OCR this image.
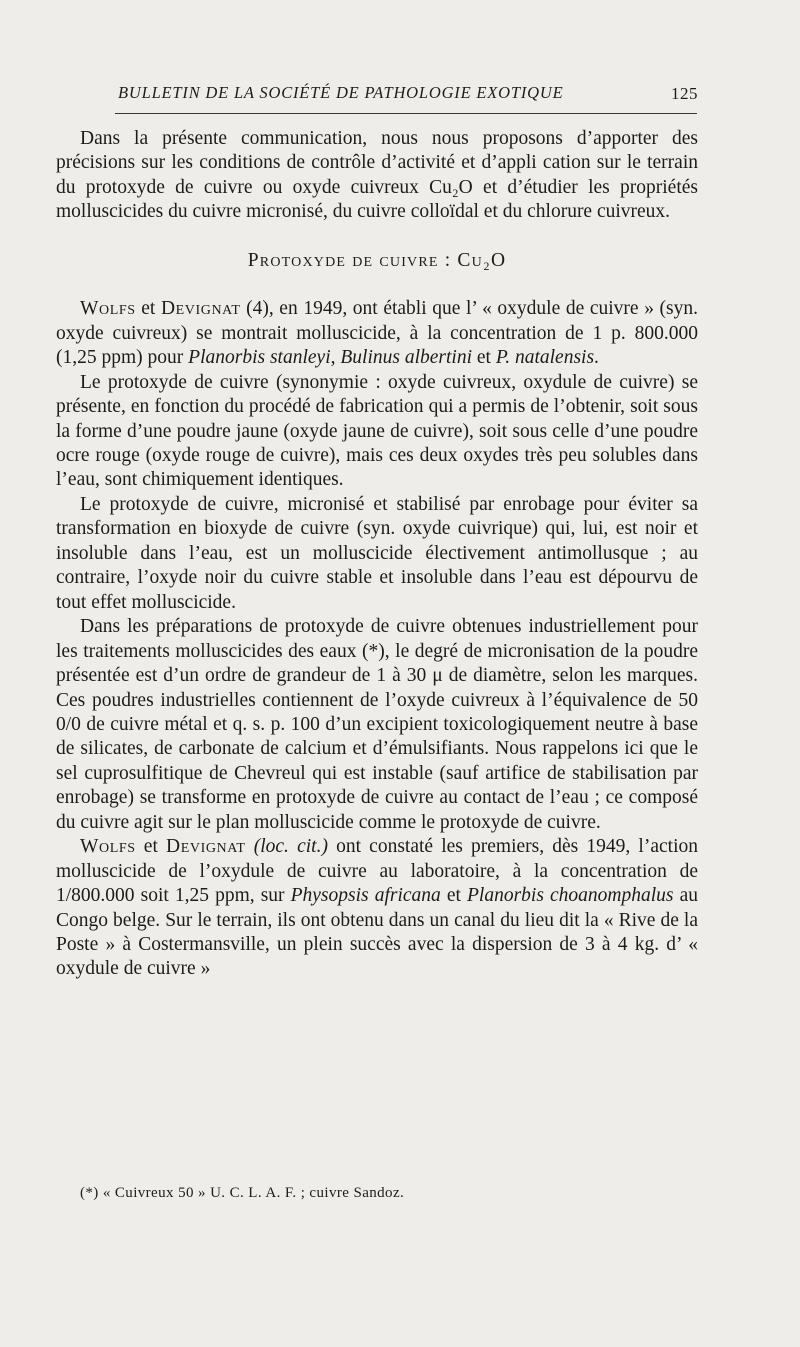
BULLETIN DE LA SOCIÉTÉ DE PATHOLOGIE EXOTIQUE	125

Dans la présente communication, nous nous proposons d’apporter des précisions sur les conditions de contrôle d’activité et d’appli cation sur le terrain du protoxyde de cuivre ou oxyde cuivreux Cu₂O et d’étudier les propriétés molluscicides du cuivre micronisé, du cuivre colloïdal et du chlorure cuivreux.

Protoxyde de cuivre : Cu₂O

Wolfs et Devignat (4), en 1949, ont établi que l’ « oxydule de cuivre » (syn. oxyde cuivreux) se montrait molluscicide, à la concentration de 1 p. 800.000 (1,25 ppm) pour Planorbis stanleyi, Bulinus albertini et P. natalensis.

Le protoxyde de cuivre (synonymie : oxyde cuivreux, oxydule de cuivre) se présente, en fonction du procédé de fabrication qui a permis de l’obtenir, soit sous la forme d’une poudre jaune (oxyde jaune de cuivre), soit sous celle d’une poudre ocre rouge (oxyde rouge de cuivre), mais ces deux oxydes très peu solubles dans l’eau, sont chimiquement identiques.

Le protoxyde de cuivre, micronisé et stabilisé par enrobage pour éviter sa transformation en bioxyde de cuivre (syn. oxyde cuivrique) qui, lui, est noir et insoluble dans l’eau, est un molluscicide électivement antimollusque ; au contraire, l’oxyde noir du cuivre stable et insoluble dans l’eau est dépourvu de tout effet molluscicide.

Dans les préparations de protoxyde de cuivre obtenues industriellement pour les traitements molluscicides des eaux (*), le degré de micronisation de la poudre présentée est d’un ordre de grandeur de 1 à 30 μ de diamètre, selon les marques. Ces poudres industrielles contiennent de l’oxyde cuivreux à l’équivalence de 50 0/0 de cuivre métal et q. s. p. 100 d’un excipient toxicologiquement neutre à base de silicates, de carbonate de calcium et d’émulsifiants. Nous rappelons ici que le sel cuprosulfitique de Chevreul qui est instable (sauf artifice de stabilisation par enrobage) se transforme en protoxyde de cuivre au contact de l’eau ; ce composé du cuivre agit sur le plan molluscicide comme le protoxyde de cuivre.

Wolfs et Devignat (loc. cit.) ont constaté les premiers, dès 1949, l’action molluscicide de l’oxydule de cuivre au laboratoire, à la concentration de 1/800.000 soit 1,25 ppm, sur Physopsis africana et Planorbis choanomphalus au Congo belge. Sur le terrain, ils ont obtenu dans un canal du lieu dit la « Rive de la Poste » à Costermansville, un plein succès avec la dispersion de 3 à 4 kg. d’ « oxydule de cuivre »

(*) « Cuivreux 50 » U. C. L. A. F. ; cuivre Sandoz.
